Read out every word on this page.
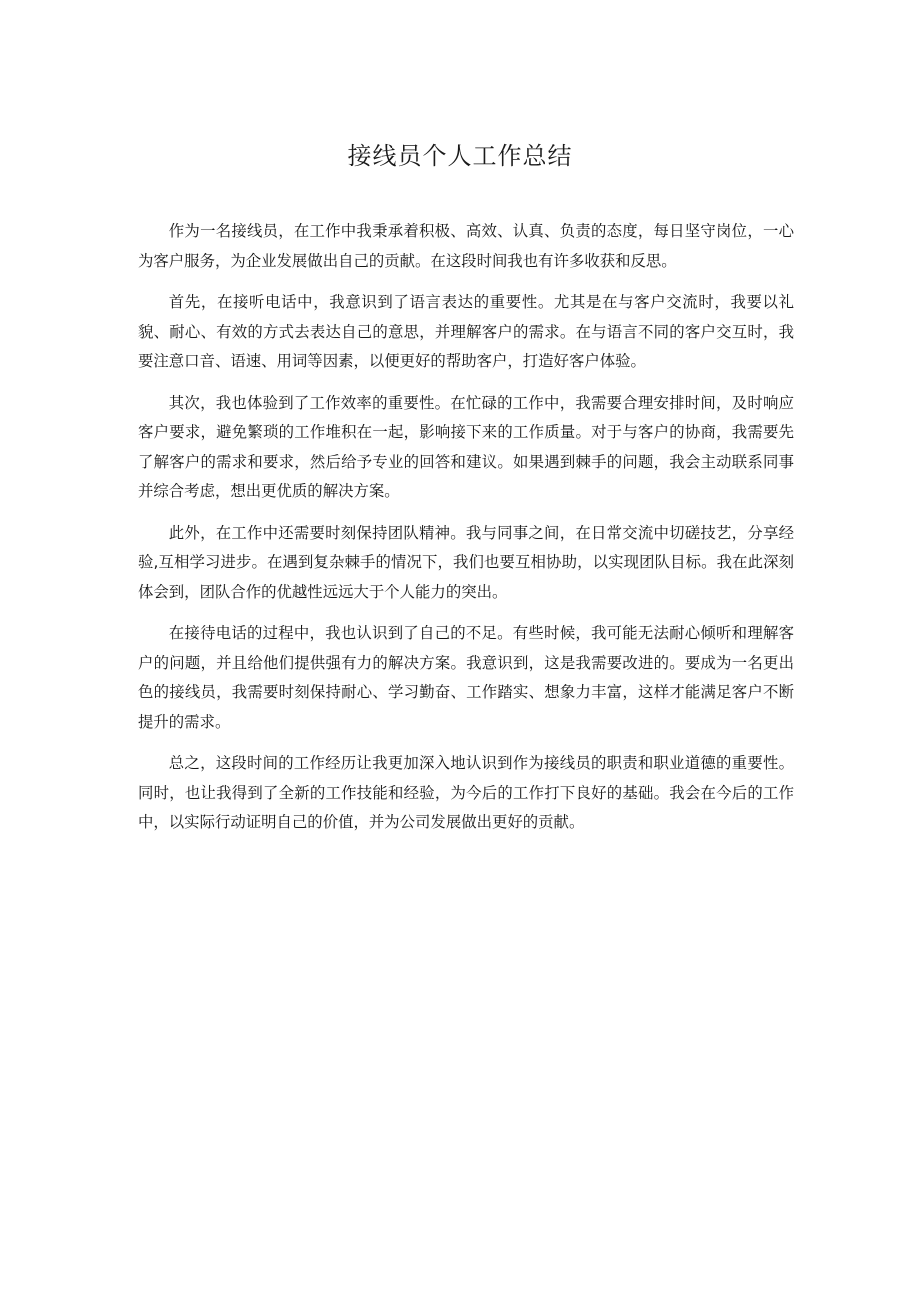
接线员个人工作总结

作为一名接线员，在工作中我秉承着积极、高效、认真、负责的态度，每日坚守岗位，一心为客户服务，为企业发展做出自己的贡献。在这段时间我也有许多收获和反思。

首先，在接听电话中，我意识到了语言表达的重要性。尤其是在与客户交流时，我要以礼貌、耐心、有效的方式去表达自己的意思，并理解客户的需求。在与语言不同的客户交互时，我要注意口音、语速、用词等因素，以便更好的帮助客户，打造好客户体验。

其次，我也体验到了工作效率的重要性。在忙碌的工作中，我需要合理安排时间，及时响应客户要求，避免繁琐的工作堆积在一起，影响接下来的工作质量。对于与客户的协商，我需要先了解客户的需求和要求，然后给予专业的回答和建议。如果遇到棘手的问题，我会主动联系同事并综合考虑，想出更优质的解决方案。

此外，在工作中还需要时刻保持团队精神。我与同事之间，在日常交流中切磋技艺，分享经验,互相学习进步。在遇到复杂棘手的情况下，我们也要互相协助，以实现团队目标。我在此深刻体会到，团队合作的优越性远远大于个人能力的突出。

在接待电话的过程中，我也认识到了自己的不足。有些时候，我可能无法耐心倾听和理解客户的问题，并且给他们提供强有力的解决方案。我意识到，这是我需要改进的。要成为一名更出色的接线员，我需要时刻保持耐心、学习勤奋、工作踏实、想象力丰富，这样才能满足客户不断提升的需求。

总之，这段时间的工作经历让我更加深入地认识到作为接线员的职责和职业道德的重要性。同时，也让我得到了全新的工作技能和经验，为今后的工作打下良好的基础。我会在今后的工作中，以实际行动证明自己的价值，并为公司发展做出更好的贡献。
